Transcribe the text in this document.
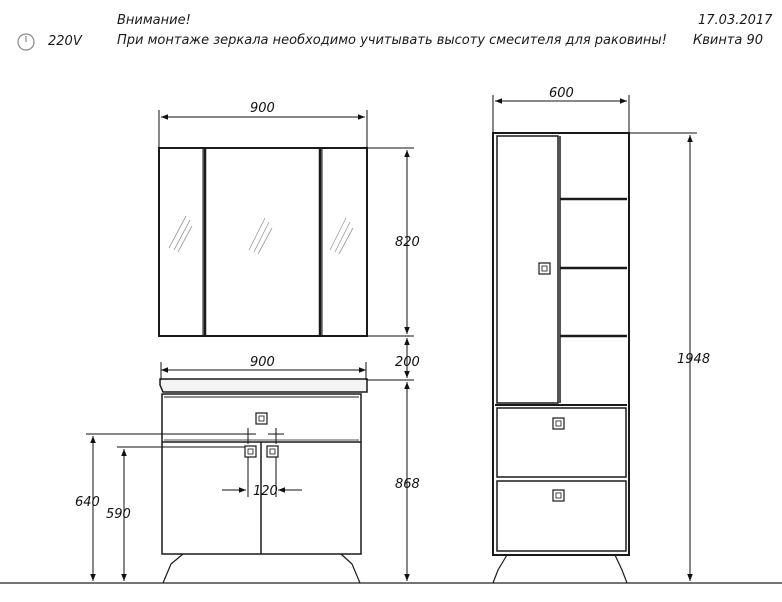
Внимание!
При монтаже зеркала необходимо учитывать высоту смесителя для раковины!
17.03.2017
Квинта 90
220V
900
820
200
900
868
640
590
120
600
1948
